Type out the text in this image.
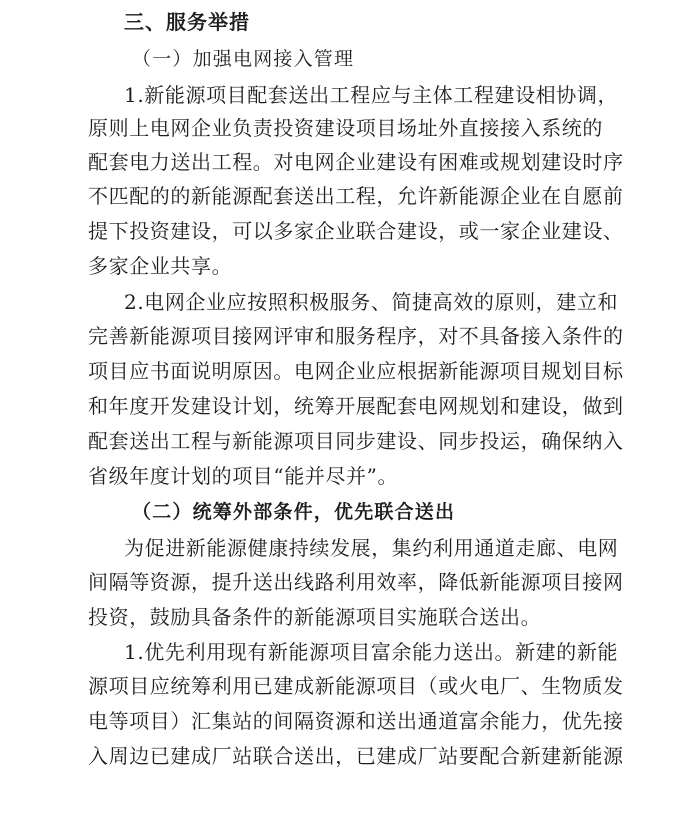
三、服务举措
（一）加强电网接入管理
1.新能源项目配套送出工程应与主体工程建设相协调，
原则上电网企业负责投资建设项目场址外直接接入系统的
配套电力送出工程。对电网企业建设有困难或规划建设时序
不匹配的的新能源配套送出工程，允许新能源企业在自愿前
提下投资建设，可以多家企业联合建设，或一家企业建设、
多家企业共享。
2.电网企业应按照积极服务、简捷高效的原则，建立和
完善新能源项目接网评审和服务程序，对不具备接入条件的
项目应书面说明原因。电网企业应根据新能源项目规划目标
和年度开发建设计划，统筹开展配套电网规划和建设，做到
配套送出工程与新能源项目同步建设、同步投运，确保纳入
省级年度计划的项目“能并尽并”。
（二）统筹外部条件，优先联合送出
为促进新能源健康持续发展，集约利用通道走廊、电网
间隔等资源，提升送出线路利用效率，降低新能源项目接网
投资，鼓励具备条件的新能源项目实施联合送出。
1.优先利用现有新能源项目富余能力送出。新建的新能
源项目应统筹利用已建成新能源项目（或火电厂、生物质发
电等项目）汇集站的间隔资源和送出通道富余能力，优先接
入周边已建成厂站联合送出，已建成厂站要配合新建新能源
